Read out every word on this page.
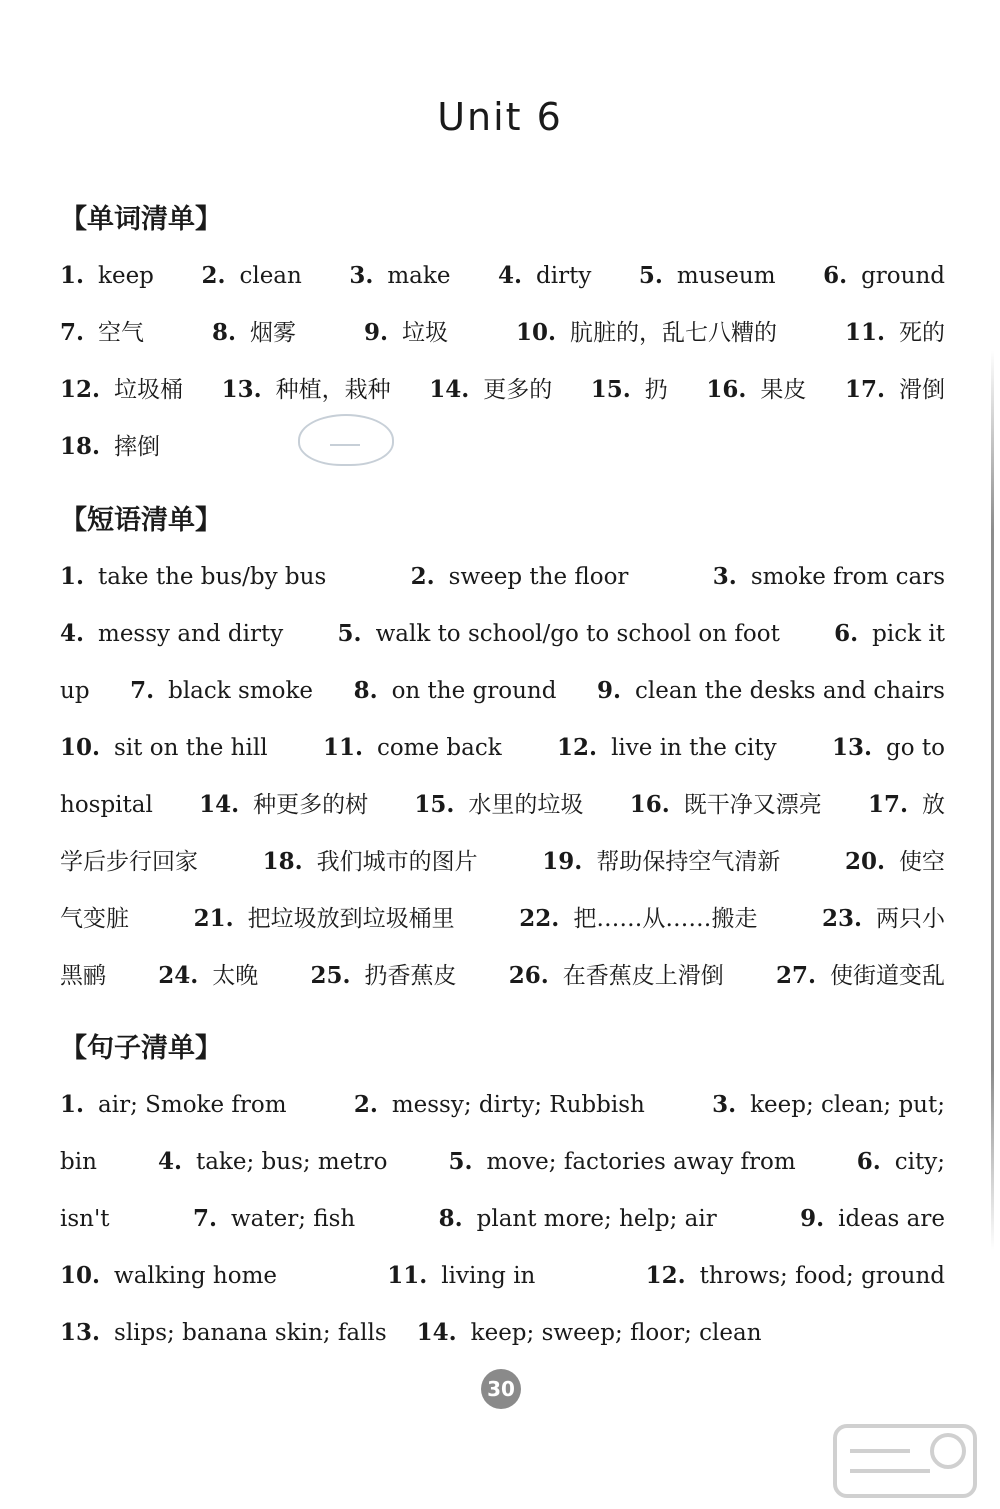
Unit 6
【单词清单】
1. keep 2. clean 3. make 4. dirty 5. museum 6. ground
7. 空气	8. 烟雾	9. 垃圾	10. 肮脏的，乱七八糟的	11. 死的
12. 垃圾桶 13. 种植，栽种 14. 更多的 15. 扔 16. 果皮 17. 滑倒
18. 摔倒
【短语清单】
1. take the bus/by bus	2. sweep the floor	3. smoke from cars
4. messy and dirty 5. walk to school/go to school on foot 6. pick it
up 7. black smoke 8. on the ground 9. clean the desks and chairs
10. sit on the hill 11. come back 12. live in the city 13. go to
hospital 14. 种更多的树 15. 水里的垃圾 16. 既干净又漂亮 17. 放
学后步行回家	18. 我们城市的图片	19. 帮助保持空气清新	20. 使空
气变脏	21. 把垃圾放到垃圾桶里	22. 把……从……搬走	23. 两只小
黑鹂 24. 太晚 25. 扔香蕉皮 26. 在香蕉皮上滑倒 27. 使街道变乱
【句子清单】
1. air; Smoke from	2. messy; dirty; Rubbish	3. keep; clean; put;
bin	4. take; bus; metro	5. move; factories away from	6. city;
isn't	7. water; fish	8. plant more; help; air	9. ideas are
10. walking home	11. living in	12. throws; food; ground
13. slips; banana skin; falls 14. keep; sweep; floor; clean
30
